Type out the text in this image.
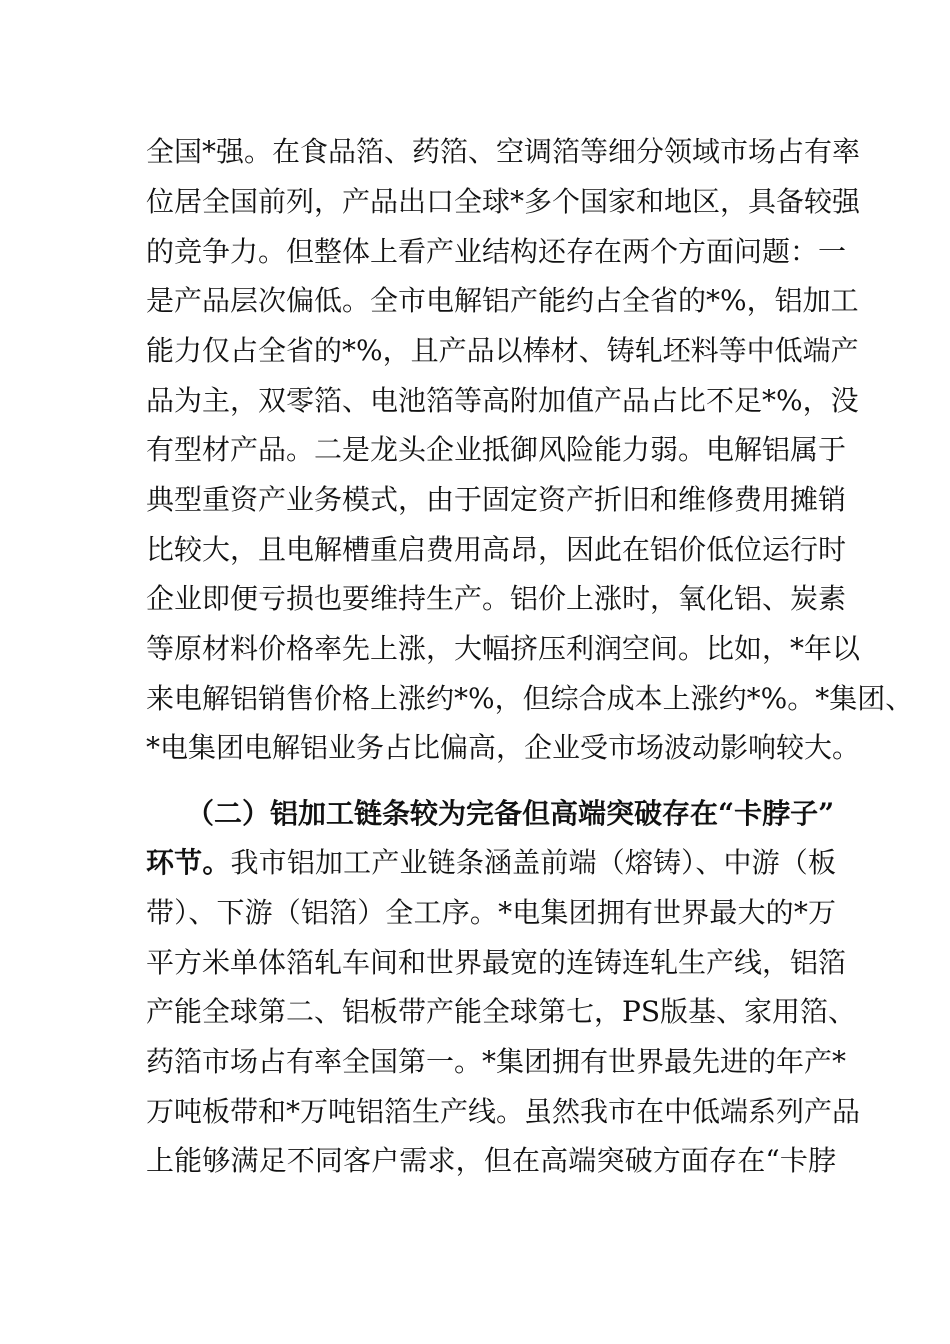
全国*强。在食品箔、药箔、空调箔等细分领域市场占有率
位居全国前列，产品出口全球*多个国家和地区，具备较强
的竞争力。但整体上看产业结构还存在两个方面问题：一
是产品层次偏低。全市电解铝产能约占全省的*%，铝加工
能力仅占全省的*%，且产品以棒材、铸轧坯料等中低端产
品为主，双零箔、电池箔等高附加值产品占比不足*%，没
有型材产品。二是龙头企业抵御风险能力弱。电解铝属于
典型重资产业务模式，由于固定资产折旧和维修费用摊销
比较大，且电解槽重启费用高昂，因此在铝价低位运行时
企业即便亏损也要维持生产。铝价上涨时，氧化铝、炭素
等原材料价格率先上涨，大幅挤压利润空间。比如，*年以
来电解铝销售价格上涨约*%，但综合成本上涨约*%。*集团、
*电集团电解铝业务占比偏高，企业受市场波动影响较大。
（二）铝加工链条较为完备但高端突破存在“卡脖子”
环节。我市铝加工产业链条涵盖前端（熔铸）、中游（板
带）、下游（铝箔）全工序。*电集团拥有世界最大的*万
平方米单体箔轧车间和世界最宽的连铸连轧生产线，铝箔
产能全球第二、铝板带产能全球第七，PS版基、家用箔、
药箔市场占有率全国第一。*集团拥有世界最先进的年产*
万吨板带和*万吨铝箔生产线。虽然我市在中低端系列产品
上能够满足不同客户需求，但在高端突破方面存在“卡脖
